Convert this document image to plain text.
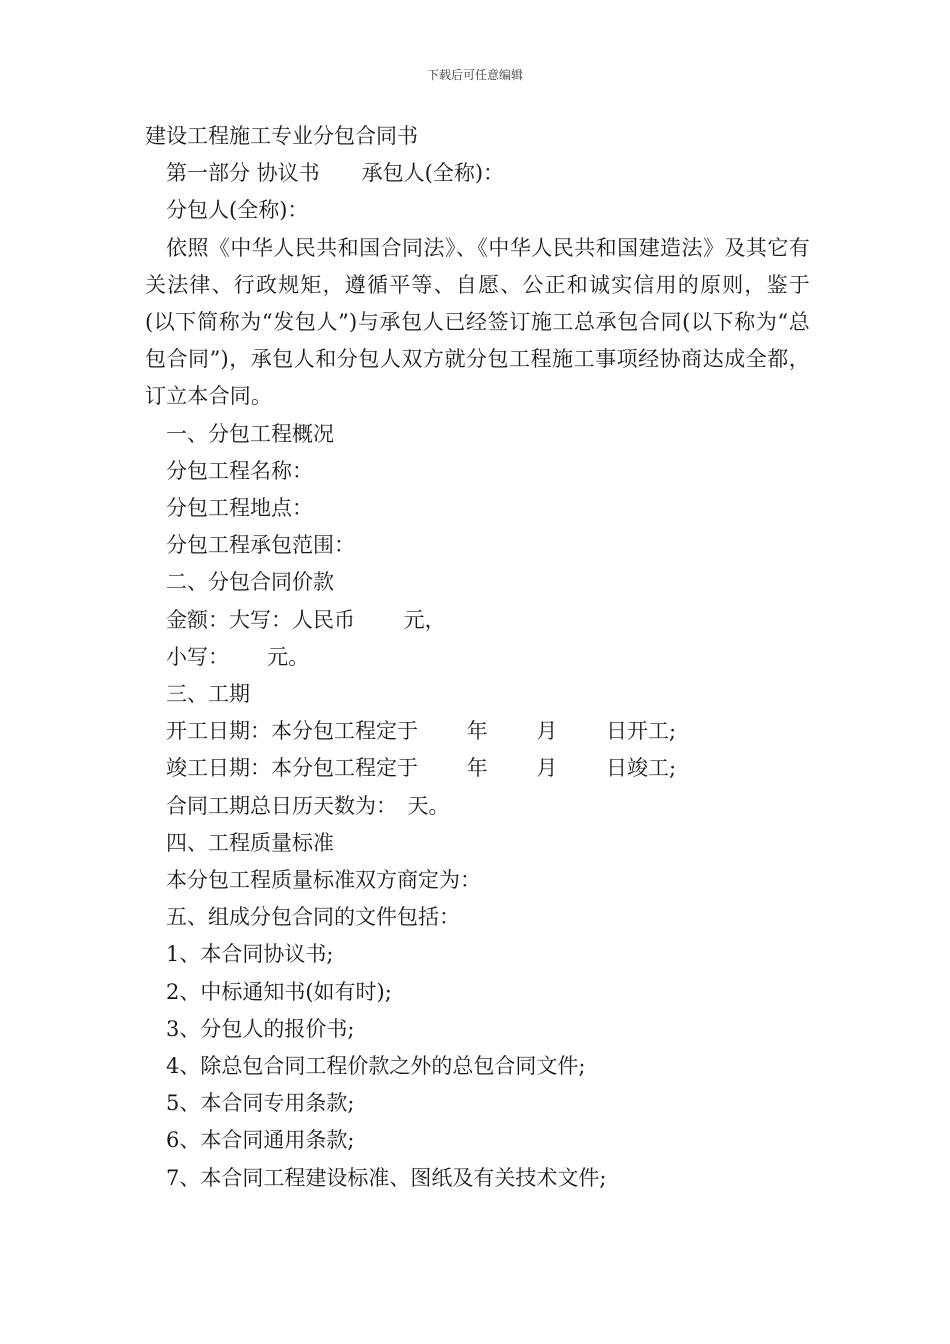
下载后可任意编辑
建设工程施工专业分包合同书
第一部分 协议书　　承包人(全称)：
分包人(全称)：
依照《中华人民共和国合同法》、《中华人民共和国建造法》及其它有关法律、行政规矩，遵循平等、自愿、公正和诚实信用的原则，鉴于 (以下简称为“发包人”)与承包人已经签订施工总承包合同(以下称为“总包合同”)，承包人和分包人双方就分包工程施工事项经协商达成全都，订立本合同。
一、分包工程概况
分包工程名称：
分包工程地点：
分包工程承包范围：
二、分包合同价款
金额：大写：人民币　　 元，
小写：　　 元。
三、工期
开工日期：本分包工程定于　　 年　　 月　　 日开工;
竣工日期：本分包工程定于　　 年　　 月　　 日竣工;
合同工期总日历天数为：　天。
四、工程质量标准
本分包工程质量标准双方商定为：
五、组成分包合同的文件包括：
1、本合同协议书;
2、中标通知书(如有时);
3、分包人的报价书;
4、除总包合同工程价款之外的总包合同文件;
5、本合同专用条款;
6、本合同通用条款;
7、本合同工程建设标准、图纸及有关技术文件;
